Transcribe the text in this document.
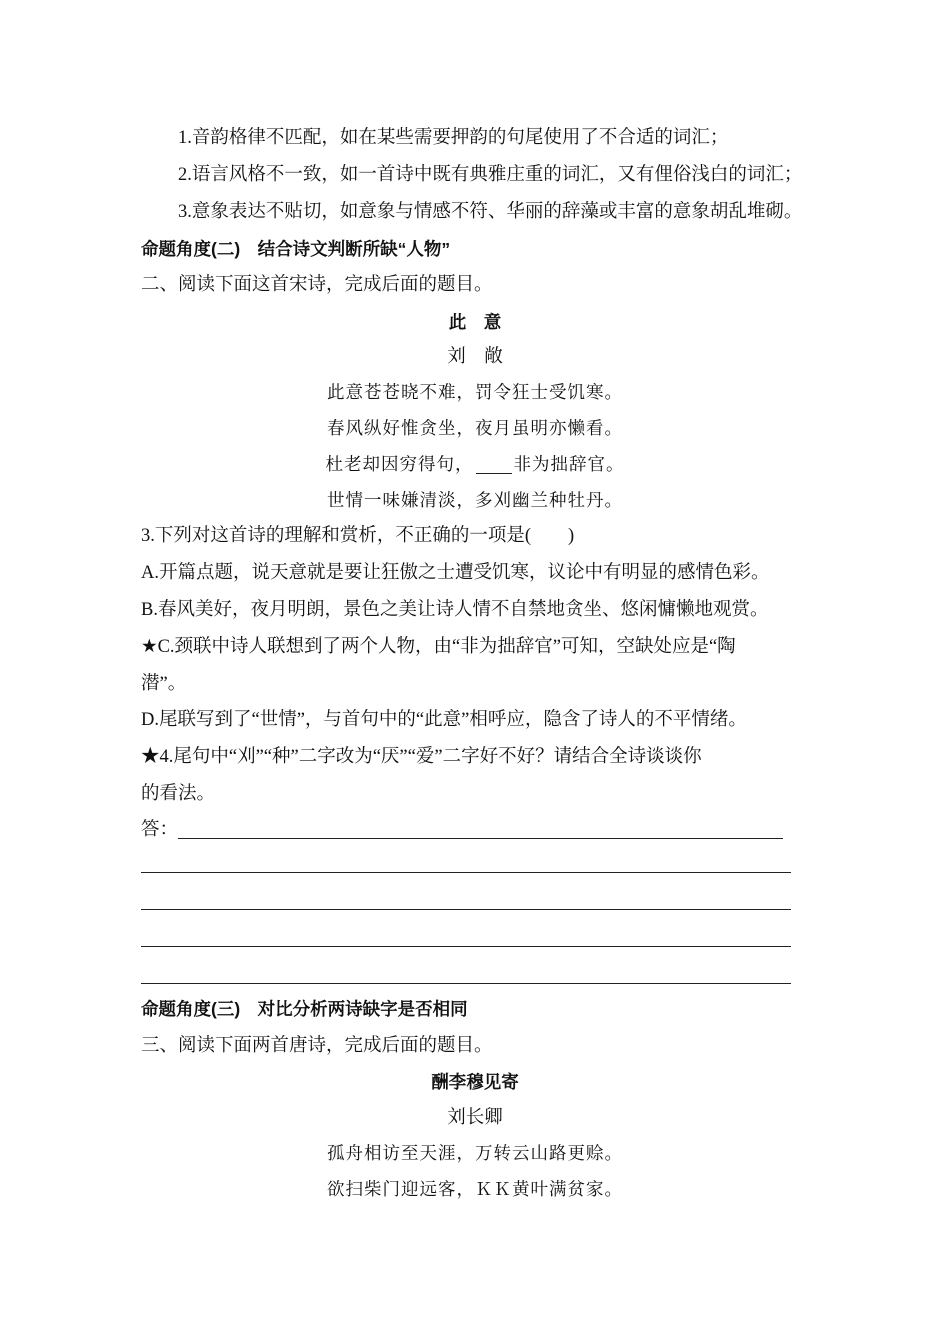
1.音韵格律不匹配，如在某些需要押韵的句尾使用了不合适的词汇；
2.语言风格不一致，如一首诗中既有典雅庄重的词汇，又有俚俗浅白的词汇；
3.意象表达不贴切，如意象与情感不符、华丽的辞藻或丰富的意象胡乱堆砌。
命题角度(二)　结合诗文判断所缺“人物”
二、阅读下面这首宋诗，完成后面的题目。
此　意
刘　敞
此意苍苍晓不难，罚令狂士受饥寒。
春风纵好惟贪坐，夜月虽明亦懒看。
杜老却因穷得句， 非为拙辞官。
世情一味嫌清淡，多刈幽兰种牡丹。
3.下列对这首诗的理解和赏析，不正确的一项是(　　)
A.开篇点题，说天意就是要让狂傲之士遭受饥寒，议论中有明显的感情色彩。
B.春风美好，夜月明朗，景色之美让诗人情不自禁地贪坐、悠闲慵懒地观赏。
★C.颈联中诗人联想到了两个人物，由“非为拙辞官”可知，空缺处应是“陶
潜”。
D.尾联写到了“世情”，与首句中的“此意”相呼应，隐含了诗人的不平情绪。
★4.尾句中“刈”“种”二字改为“厌”“爱”二字好不好？请结合全诗谈谈你
的看法。
答：
命题角度(三)　对比分析两诗缺字是否相同
三、阅读下面两首唐诗，完成后面的题目。
酬李穆见寄
刘长卿
孤舟相访至天涯，万转云山路更赊。
欲扫柴门迎远客，ＫＫ黄叶满贫家。
